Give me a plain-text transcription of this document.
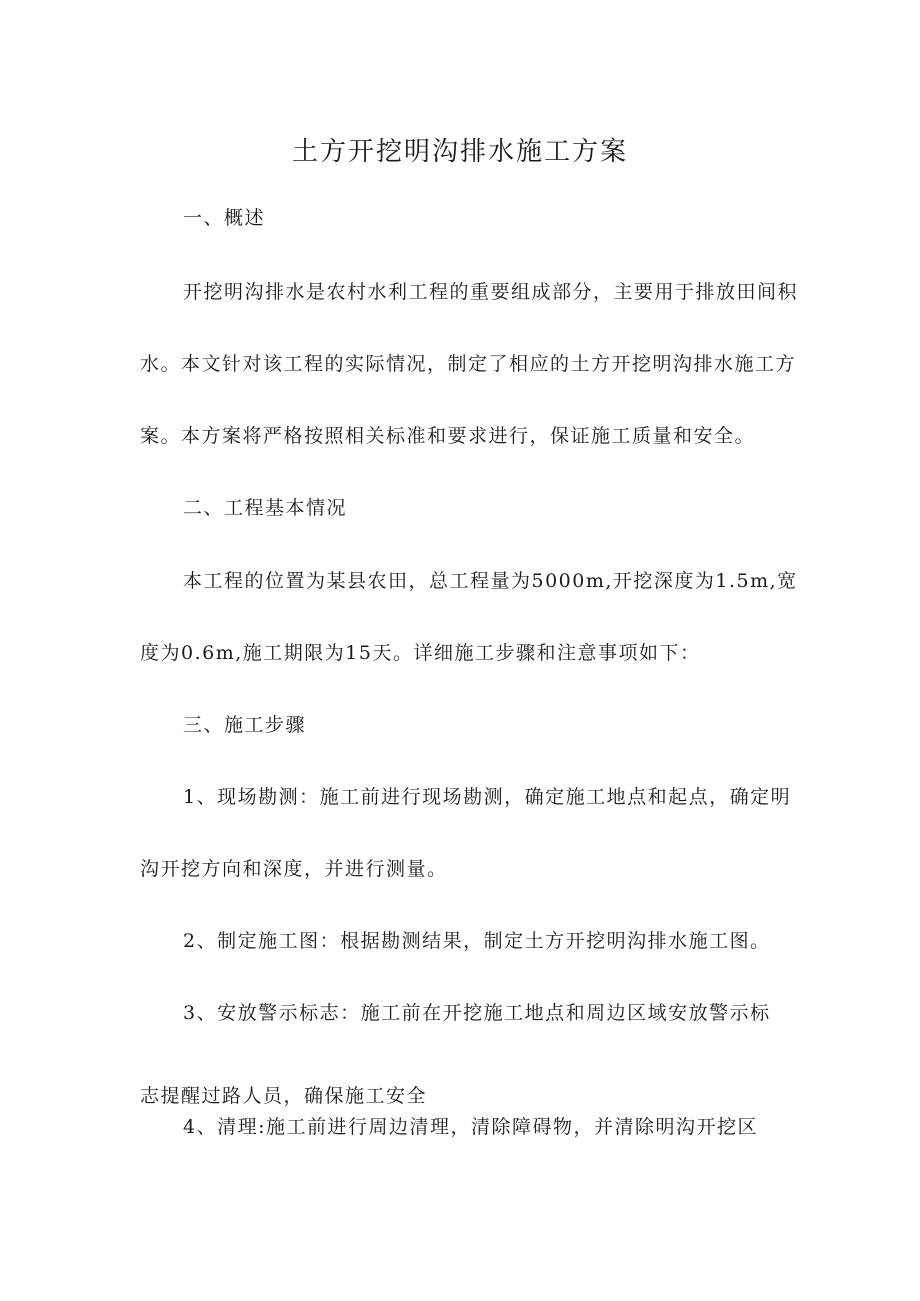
土方开挖明沟排水施工方案
一、概述
开挖明沟排水是农村水利工程的重要组成部分，主要用于排放田间积
水。本文针对该工程的实际情况，制定了相应的土方开挖明沟排水施工方
案。本方案将严格按照相关标准和要求进行，保证施工质量和安全。
二、工程基本情况
本工程的位置为某县农田，总工程量为5000m,开挖深度为1.5m,宽
度为0.6m,施工期限为15天。详细施工步骤和注意事项如下：
三、施工步骤
1、现场勘测：施工前进行现场勘测，确定施工地点和起点，确定明
沟开挖方向和深度，并进行测量。
2、制定施工图：根据勘测结果，制定土方开挖明沟排水施工图。
3、安放警示标志：施工前在开挖施工地点和周边区域安放警示标
志提醒过路人员，确保施工安全
4、清理:施工前进行周边清理，清除障碍物，并清除明沟开挖区
